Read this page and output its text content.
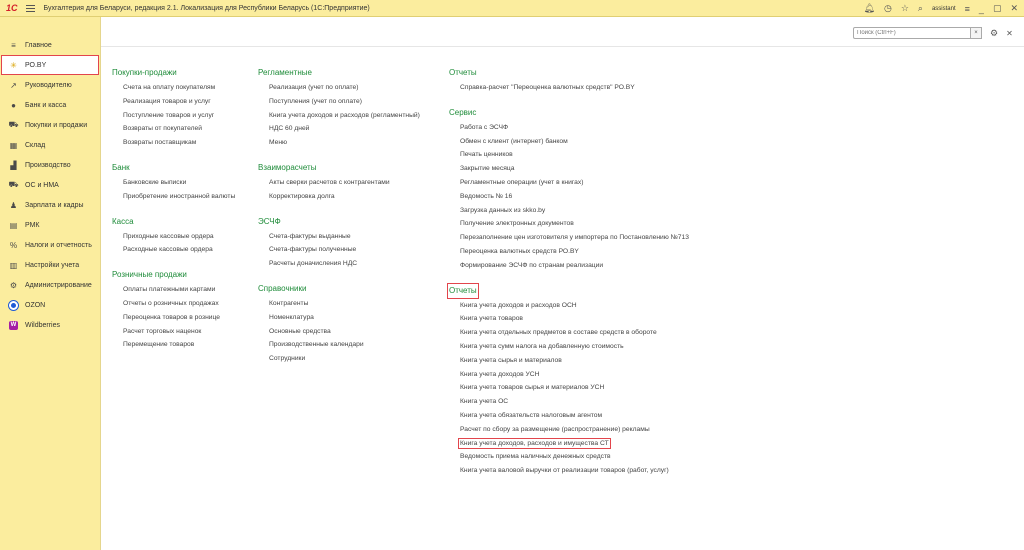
1С	Бухгалтерия для Беларуси, редакция 2.1. Локализация для Республики Беларусь (1С:Предприятие)	🔔︎ ◷ ☆ ⌕ assistant ≡ _ ▢ ✕
≡	Главное
✳ РО.BY
↗ Руководителю
● Банк и касса
⛟ Покупки и продажи
▦ Склад
▟ Производство
⛟ ОС и НМА
♟ Зарплата и кадры
▤ РМК
% Налоги и отчетность
▥ Настройки учета
⚙ Администрирование
OZON
W Wildberries
Поиск (Ctrl+F)
×	⚙ ✕
Покупки-продажи
Счета на оплату покупателям
Реализация товаров и услуг
Поступление товаров и услуг
Возвраты от покупателей
Возвраты поставщикам
Банк
Банковские выписки
Приобретение иностранной валюты
Касса
Приходные кассовые ордера
Расходные кассовые ордера
Розничные продажи
Оплаты платежными картами
Отчеты о розничных продажах
Переоценка товаров в рознице
Расчет торговых наценок
Перемещение товаров
Регламентные
Реализация (учет по оплате)
Поступления (учет по оплате)
Книга учета доходов и расходов (регламентный)
НДС 60 дней
Меню
Взаиморасчеты
Акты сверки расчетов с контрагентами
Корректировка долга
ЭСЧФ
Счета-фактуры выданные
Счета-фактуры полученные
Расчеты доначисления НДС
Справочники
Контрагенты
Номенклатура
Основные средства
Производственные календари
Сотрудники
Отчеты
Справка-расчет "Переоценка валютных средств" РО.BY
Сервис
Работа с ЭСЧФ
Обмен с клиент (интернет) банком
Печать ценников
Закрытие месяца
Регламентные операции (учет в книгах)
Ведомость № 16
Загрузка данных из skko.by
Получение электронных документов
Перезаполнение цен изготовителя у импортера по Постановлению №713
Переоценка валютных средств РО.BY
Формирование ЭСЧФ по странам реализации
Отчеты
Книга учета доходов и расходов ОСН
Книга учета товаров
Книга учета отдельных предметов в составе средств в обороте
Книга учета сумм налога на добавленную стоимость
Книга учета сырья и материалов
Книга учета доходов УСН
Книга учета товаров сырья и материалов УСН
Книга учета ОС
Книга учета обязательств налоговым агентом
Расчет по сбору за размещение (распространение) рекламы
Книга учета доходов, расходов и имущества СТ
Ведомость приема наличных денежных средств
Книга учета валовой выручки от реализации товаров (работ, услуг)
